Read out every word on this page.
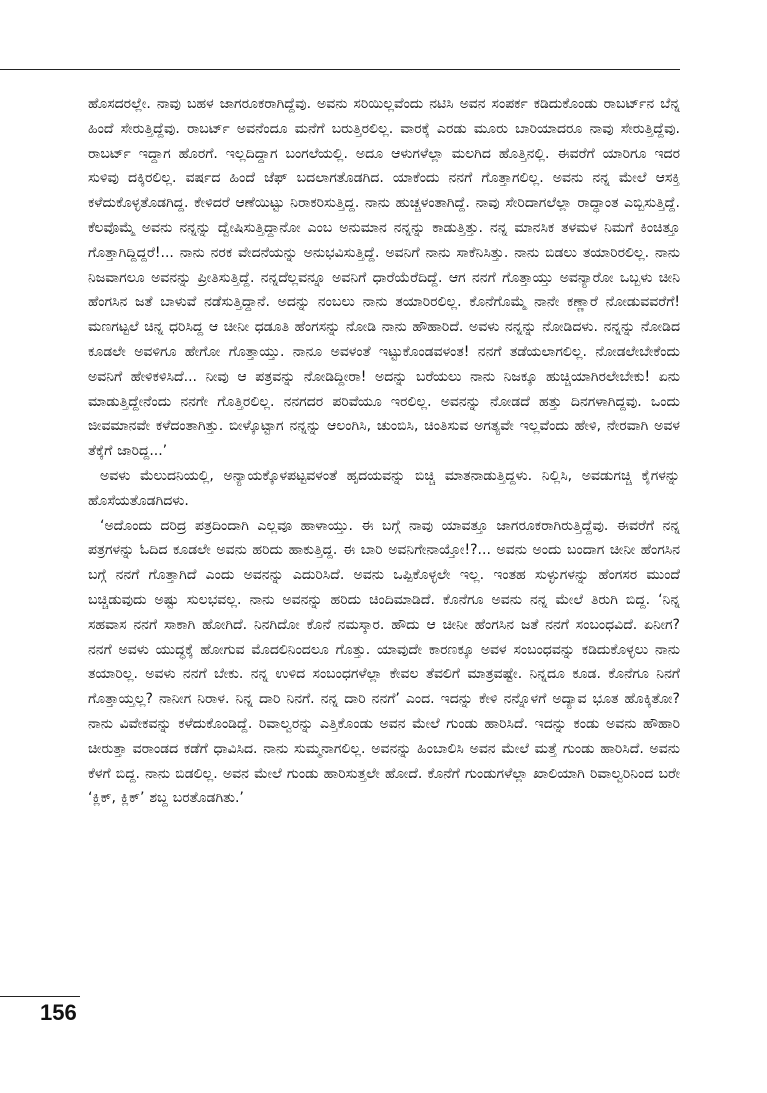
ಹೊಸದರಲ್ಲೇ. ನಾವು ಬಹಳ ಜಾಗರೂಕರಾಗಿದ್ದೆವು. ಅವನು ಸರಿಯಿಲ್ಲವೆಂದು ನಟಿಸಿ ಅವನ ಸಂಪರ್ಕ ಕಡಿದುಕೊಂಡು ರಾಬರ್ಟ್‌ನ ಬೆನ್ನ ಹಿಂದೆ ಸೇರುತ್ತಿದ್ದೆವು. ರಾಬರ್ಟ್ ಅವನೆಂದೂ ಮನೆಗೆ ಬರುತ್ತಿರಲಿಲ್ಲ. ವಾರಕ್ಕೆ ಎರಡು ಮೂರು ಬಾರಿಯಾದರೂ ನಾವು ಸೇರುತ್ತಿದ್ದೆವು. ರಾಬರ್ಟ್ ಇದ್ದಾಗ ಹೊರಗೆ. ಇಲ್ಲದಿದ್ದಾಗ ಬಂಗಲೆಯಲ್ಲಿ. ಅದೂ ಆಳುಗಳೆಲ್ಲಾ ಮಲಗಿದ ಹೊತ್ತಿನಲ್ಲಿ. ಈವರೆಗೆ ಯಾರಿಗೂ ಇದರ ಸುಳಿವು ದಕ್ಕಿರಲಿಲ್ಲ. ವರ್ಷದ ಹಿಂದೆ ಜೆಫ್ ಬದಲಾಗತೊಡಗಿದ. ಯಾಕೆಂದು ನನಗೆ ಗೊತ್ತಾಗಲಿಲ್ಲ. ಅವನು ನನ್ನ ಮೇಲೆ ಆಸಕ್ತಿ ಕಳೆದುಕೊಳ್ಳತೊಡಗಿದ್ದ. ಕೇಳಿದರೆ ಆಣೆಯಿಟ್ಟು ನಿರಾಕರಿಸುತ್ತಿದ್ದ. ನಾನು ಹುಚ್ಚಳಂತಾಗಿದ್ದೆ. ನಾವು ಸೇರಿದಾಗಲೆಲ್ಲಾ ರಾದ್ಧಾಂತ ಎಬ್ಬಿಸುತ್ತಿದ್ದೆ. ಕೆಲವೊಮ್ಮೆ ಅವನು ನನ್ನನ್ನು ದ್ವೇಷಿಸುತ್ತಿದ್ದಾನೋ ಎಂಬ ಅನುಮಾನ ನನ್ನನ್ನು ಕಾಡುತ್ತಿತ್ತು. ನನ್ನ ಮಾನಸಿಕ ತಳಮಳ ನಿಮಗೆ ಕಿಂಚಿತ್ತೂ ಗೊತ್ತಾಗಿದ್ದಿದ್ದರೆ!... ನಾನು ನರಕ ವೇದನೆಯನ್ನು ಅನುಭವಿಸುತ್ತಿದ್ದೆ. ಅವನಿಗೆ ನಾನು ಸಾಕೆನಿಸಿತ್ತು. ನಾನು ಬಿಡಲು ತಯಾರಿರಲಿಲ್ಲ. ನಾನು ನಿಜವಾಗಲೂ ಅವನನ್ನು ಪ್ರೀತಿಸುತ್ತಿದ್ದೆ. ನನ್ನದೆಲ್ಲವನ್ನೂ ಅವನಿಗೆ ಧಾರೆಯೆರೆದಿದ್ದೆ. ಆಗ ನನಗೆ ಗೊತ್ತಾಯ್ತು ಅವನ್ಯಾರೋ ಒಬ್ಬಳು ಚೀನಿ ಹೆಂಗಸಿನ ಜತೆ ಬಾಳುವೆ ನಡೆಸುತ್ತಿದ್ದಾನೆ. ಅದನ್ನು ನಂಬಲು ನಾನು ತಯಾರಿರಲಿಲ್ಲ. ಕೊನೆಗೊಮ್ಮೆ ನಾನೇ ಕಣ್ಣಾರೆ ನೋಡುವವರೆಗೆ! ಮಣಗಟ್ಟಲೆ ಚಿನ್ನ ಧರಿಸಿದ್ದ ಆ ಚೀನೀ ಧಡೂತಿ ಹೆಂಗಸನ್ನು ನೋಡಿ ನಾನು ಹೌಹಾರಿದೆ. ಅವಳು ನನ್ನನ್ನು ನೋಡಿದಳು. ನನ್ನನ್ನು ನೋಡಿದ ಕೂಡಲೇ ಅವಳಿಗೂ ಹೇಗೋ ಗೊತ್ತಾಯ್ತು. ನಾನೂ ಅವಳಂತೆ ಇಟ್ಟುಕೊಂಡವಳಂತ! ನನಗೆ ತಡೆಯಲಾಗಲಿಲ್ಲ. ನೋಡಲೇಬೇಕೆಂದು ಅವನಿಗೆ ಹೇಳಿಕಳಿಸಿದೆ... ನೀವು ಆ ಪತ್ರವನ್ನು ನೋಡಿದ್ದೀರಾ! ಅದನ್ನು ಬರೆಯಲು ನಾನು ನಿಜಕ್ಕೂ ಹುಚ್ಚಿಯಾಗಿರಲೇಬೇಕು! ಏನು ಮಾಡುತ್ತಿದ್ದೇನೆಂದು ನನಗೇ ಗೊತ್ತಿರಲಿಲ್ಲ. ನನಗದರ ಪರಿವೆಯೂ ಇರಲಿಲ್ಲ. ಅವನನ್ನು ನೋಡದೆ ಹತ್ತು ದಿನಗಳಾಗಿದ್ದವು. ಒಂದು ಜೀವಮಾನವೇ ಕಳೆದಂತಾಗಿತ್ತು. ಬೀಳ್ಕೊಟ್ಟಾಗ ನನ್ನನ್ನು ಆಲಂಗಿಸಿ, ಚುಂಬಿಸಿ, ಚಿಂತಿಸುವ ಅಗತ್ಯವೇ ಇಲ್ಲವೆಂದು ಹೇಳಿ, ನೇರವಾಗಿ ಅವಳ ತೆಕ್ಕೆಗೆ ಜಾರಿದ್ದ...’

ಅವಳು ಮೆಲುದನಿಯಲ್ಲಿ, ಅನ್ಯಾಯಕ್ಕೊಳಪಟ್ಟವಳಂತೆ ಹೃದಯವನ್ನು ಬಿಚ್ಚಿ ಮಾತನಾಡುತ್ತಿದ್ದಳು. ನಿಲ್ಲಿಸಿ, ಅವಡುಗಚ್ಚಿ ಕೈಗಳನ್ನು ಹೊಸೆಯತೊಡಗಿದಳು.

‘ಅದೊಂದು ದರಿದ್ರ ಪತ್ರದಿಂದಾಗಿ ಎಲ್ಲವೂ ಹಾಳಾಯ್ತು. ಈ ಬಗ್ಗೆ ನಾವು ಯಾವತ್ತೂ ಜಾಗರೂಕರಾಗಿರುತ್ತಿದ್ದೆವು. ಈವರೆಗೆ ನನ್ನ ಪತ್ರಗಳನ್ನು ಓದಿದ ಕೂಡಲೇ ಅವನು ಹರಿದು ಹಾಕುತ್ತಿದ್ದ. ಈ ಬಾರಿ ಅವನಿಗೇನಾಯ್ತೋ!?... ಅವನು ಅಂದು ಬಂದಾಗ ಚೀನೀ ಹೆಂಗಸಿನ ಬಗ್ಗೆ ನನಗೆ ಗೊತ್ತಾಗಿದೆ ಎಂದು ಅವನನ್ನು ಎದುರಿಸಿದೆ. ಅವನು ಒಪ್ಪಿಕೊಳ್ಳಲೇ ಇಲ್ಲ. ಇಂತಹ ಸುಳ್ಳುಗಳನ್ನು ಹೆಂಗಸರ ಮುಂದೆ ಬಚ್ಚಿಡುವುದು ಅಷ್ಟು ಸುಲಭವಲ್ಲ. ನಾನು ಅವನನ್ನು ಹರಿದು ಚಿಂದಿಮಾಡಿದೆ. ಕೊನೆಗೂ ಅವನು ನನ್ನ ಮೇಲೆ ತಿರುಗಿ ಬಿದ್ದ. ‘ನಿನ್ನ ಸಹವಾಸ ನನಗೆ ಸಾಕಾಗಿ ಹೋಗಿದೆ. ನಿನಗಿದೋ ಕೊನೆ ನಮಸ್ಕಾರ. ಹೌದು ಆ ಚೀನೀ ಹೆಂಗಸಿನ ಜತೆ ನನಗೆ ಸಂಬಂಧವಿದೆ. ಏನೀಗ? ನನಗೆ ಅವಳು ಯುದ್ಧಕ್ಕೆ ಹೋಗುವ ಮೊದಲಿನಿಂದಲೂ ಗೊತ್ತು. ಯಾವುದೇ ಕಾರಣಕ್ಕೂ ಅವಳ ಸಂಬಂಧವನ್ನು ಕಡಿದುಕೊಳ್ಳಲು ನಾನು ತಯಾರಿಲ್ಲ. ಅವಳು ನನಗೆ ಬೇಕು. ನನ್ನ ಉಳಿದ ಸಂಬಂಧಗಳೆಲ್ಲಾ ಕೇವಲ ತೆವಲಿಗೆ ಮಾತ್ರವಷ್ಟೇ. ನಿನ್ನದೂ ಕೂಡ. ಕೊನೆಗೂ ನಿನಗೆ ಗೊತ್ತಾಯ್ತಲ್ಲ? ನಾನೀಗ ನಿರಾಳ. ನಿನ್ನ ದಾರಿ ನಿನಗೆ. ನನ್ನ ದಾರಿ ನನಗೆ’ ಎಂದ. ಇದನ್ನು ಕೇಳಿ ನನ್ನೊಳಗೆ ಅದ್ಯಾವ ಭೂತ ಹೊಕ್ಕಿತೋ? ನಾನು ವಿವೇಕವನ್ನು ಕಳೆದುಕೊಂಡಿದ್ದೆ. ರಿವಾಲ್ವರನ್ನು ಎತ್ತಿಕೊಂಡು ಅವನ ಮೇಲೆ ಗುಂಡು ಹಾರಿಸಿದೆ. ಇದನ್ನು ಕಂಡು ಅವನು ಹೌಹಾರಿ ಚೀರುತ್ತಾ ವರಾಂಡದ ಕಡೆಗೆ ಧಾವಿಸಿದ. ನಾನು ಸುಮ್ಮನಾಗಲಿಲ್ಲ. ಅವನನ್ನು ಹಿಂಬಾಲಿಸಿ ಅವನ ಮೇಲೆ ಮತ್ತೆ ಗುಂಡು ಹಾರಿಸಿದೆ. ಅವನು ಕೆಳಗೆ ಬಿದ್ದ. ನಾನು ಬಿಡಲಿಲ್ಲ. ಅವನ ಮೇಲೆ ಗುಂಡು ಹಾರಿಸುತ್ತಲೇ ಹೋದೆ. ಕೊನೆಗೆ ಗುಂಡುಗಳೆಲ್ಲಾ ಖಾಲಿಯಾಗಿ ರಿವಾಲ್ವರಿನಿಂದ ಬರೇ ‘ಕ್ಲಿಕ್, ಕ್ಲಿಕ್’ ಶಬ್ದ ಬರತೊಡಗಿತು.’

156
